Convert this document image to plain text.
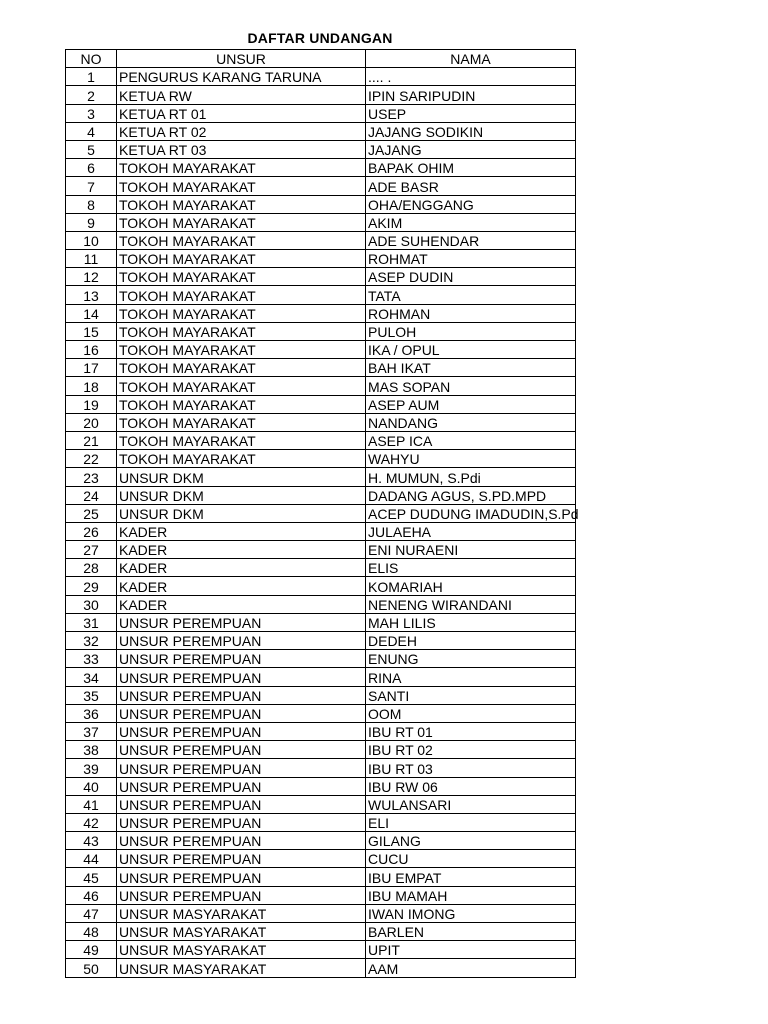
DAFTAR UNDANGAN
NO	UNSUR	NAMA
1	PENGURUS KARANG TARUNA	.... .
2	KETUA RW	IPIN SARIPUDIN
3	KETUA RT 01	USEP
4	KETUA RT 02	JAJANG SODIKIN
5	KETUA RT 03	JAJANG
6	TOKOH MAYARAKAT	BAPAK OHIM
7	TOKOH MAYARAKAT	ADE BASR
8	TOKOH MAYARAKAT	OHA/ENGGANG
9	TOKOH MAYARAKAT	AKIM
10	TOKOH MAYARAKAT	ADE SUHENDAR
11	TOKOH MAYARAKAT	ROHMAT
12	TOKOH MAYARAKAT	ASEP DUDIN
13	TOKOH MAYARAKAT	TATA
14	TOKOH MAYARAKAT	ROHMAN
15	TOKOH MAYARAKAT	PULOH
16	TOKOH MAYARAKAT	IKA / OPUL
17	TOKOH MAYARAKAT	BAH IKAT
18	TOKOH MAYARAKAT	MAS SOPAN
19	TOKOH MAYARAKAT	ASEP AUM
20	TOKOH MAYARAKAT	NANDANG
21	TOKOH MAYARAKAT	ASEP ICA
22	TOKOH MAYARAKAT	WAHYU
23	UNSUR DKM	H. MUMUN, S.Pdi
24	UNSUR DKM	DADANG AGUS, S.PD.MPD
25	UNSUR DKM	ACEP DUDUNG IMADUDIN,S.Pd
26	KADER	JULAEHA
27	KADER	ENI NURAENI
28	KADER	ELIS
29	KADER	KOMARIAH
30	KADER	NENENG WIRANDANI
31	UNSUR PEREMPUAN	MAH LILIS
32	UNSUR PEREMPUAN	DEDEH
33	UNSUR PEREMPUAN	ENUNG
34	UNSUR PEREMPUAN	RINA
35	UNSUR PEREMPUAN	SANTI
36	UNSUR PEREMPUAN	OOM
37	UNSUR PEREMPUAN	IBU RT 01
38	UNSUR PEREMPUAN	IBU RT 02
39	UNSUR PEREMPUAN	IBU RT 03
40	UNSUR PEREMPUAN	IBU RW 06
41	UNSUR PEREMPUAN	WULANSARI
42	UNSUR PEREMPUAN	ELI
43	UNSUR PEREMPUAN	GILANG
44	UNSUR PEREMPUAN	CUCU
45	UNSUR PEREMPUAN	IBU EMPAT
46	UNSUR PEREMPUAN	IBU MAMAH
47	UNSUR MASYARAKAT	IWAN IMONG
48	UNSUR MASYARAKAT	BARLEN
49	UNSUR MASYARAKAT	UPIT
50	UNSUR MASYARAKAT	AAM
